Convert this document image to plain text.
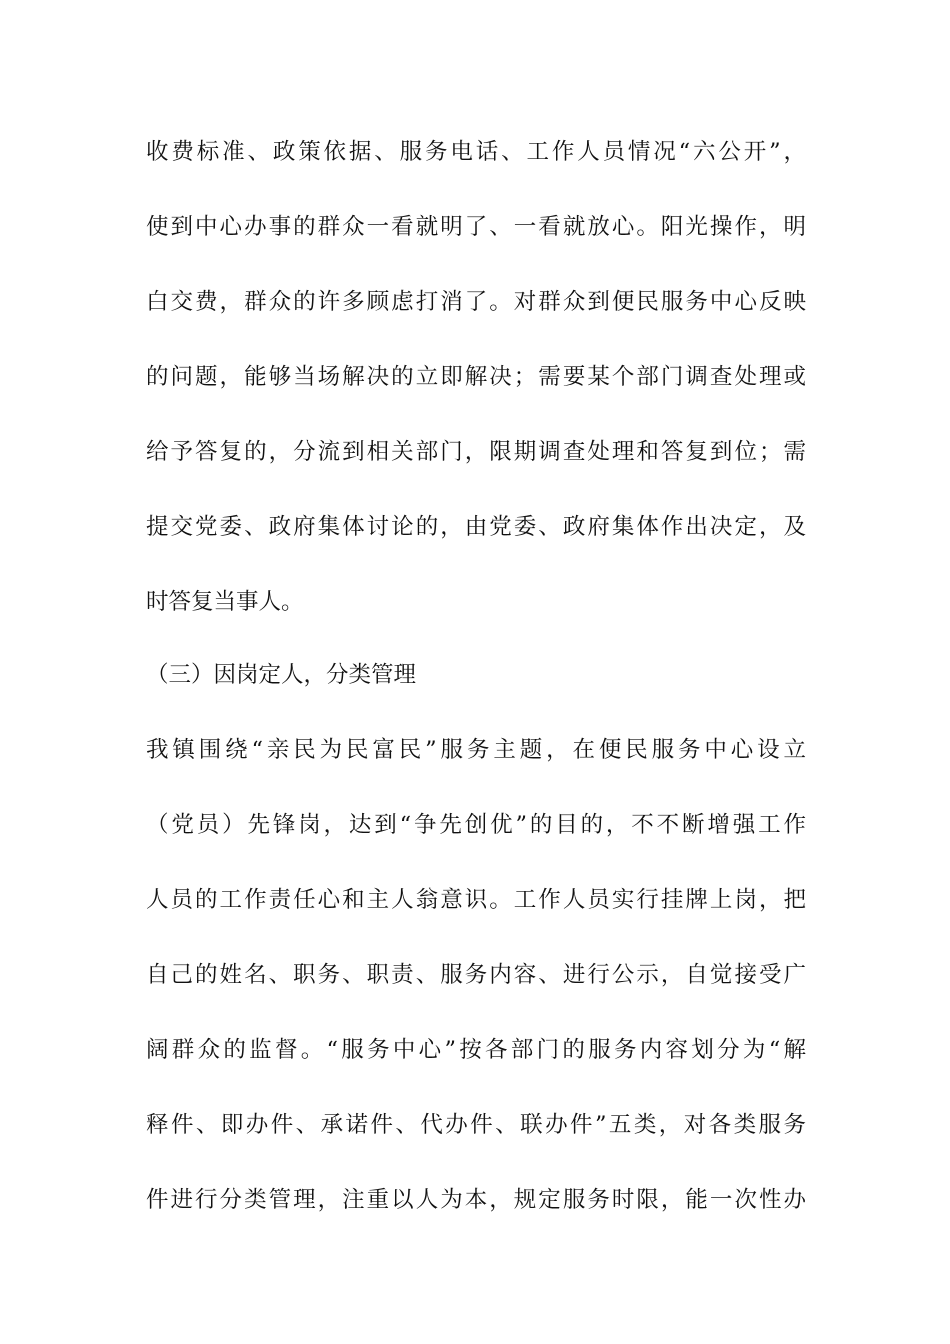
收费标准、政策依据、服务电话、工作人员情况“六公开”，
使到中心办事的群众一看就明了、一看就放心。阳光操作，明
白交费，群众的许多顾虑打消了。对群众到便民服务中心反映
的问题，能够当场解决的立即解决；需要某个部门调查处理或
给予答复的，分流到相关部门，限期调查处理和答复到位；需
提交党委、政府集体讨论的，由党委、政府集体作出决定，及
时答复当事人。
（三）因岗定人，分类管理
我镇围绕“亲民为民富民”服务主题，在便民服务中心设立
（党员）先锋岗，达到“争先创优”的目的，不不断增强工作
人员的工作责任心和主人翁意识。工作人员实行挂牌上岗，把
自己的姓名、职务、职责、服务内容、进行公示，自觉接受广
阔群众的监督。“服务中心”按各部门的服务内容划分为“解
释件、即办件、承诺件、代办件、联办件”五类，对各类服务
件进行分类管理，注重以人为本，规定服务时限，能一次性办
